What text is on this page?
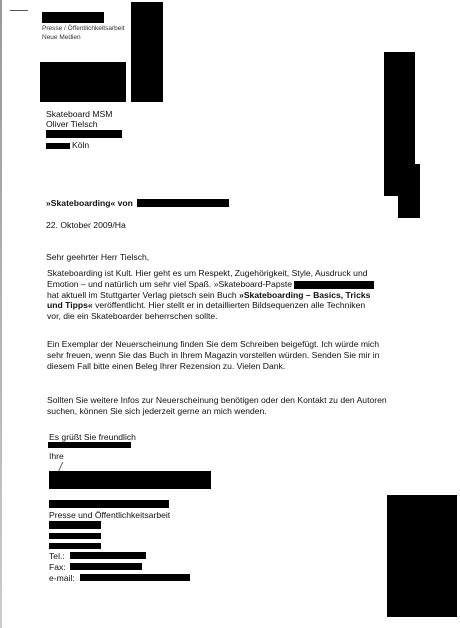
Presse / Öffentlichkeitsarbeit
Neue Medien
Skateboard MSM
Oliver Tielsch
Köln
»Skateboarding« von
22. Oktober 2009/Ha
Sehr geehrter Herr Tielsch,
Skateboarding ist Kult. Hier geht es um Respekt, Zugehörigkeit, Style, Ausdruck und Emotion – und natürlich um sehr viel Spaß. »Skateboard-Papste  hat aktuell im Stuttgarter Verlag pietsch sein Buch »Skateboarding – Basics, Tricks und Tipps« veröffentlicht. Hier stellt er in detaillierten Bildsequenzen alle Techniken vor, die ein Skateboarder beherrschen sollte.
Ein Exemplar der Neuerscheinung finden Sie dem Schreiben beigefügt. Ich würde mich sehr freuen, wenn Sie das Buch in Ihrem Magazin vorstellen würden. Senden Sie mir in diesem Fall bitte einen Beleg Ihrer Rezension zu. Vielen Dank.
Sollten Sie weitere Infos zur Neuerscheinung benötigen oder den Kontakt zu den Autoren suchen, können Sie sich jederzeit gerne an mich wenden.
Es grüßt Sie freundlich
Ihre
Presse und Öffentlichkeitsarbeit
Tel.:
Fax:
e-mail:
